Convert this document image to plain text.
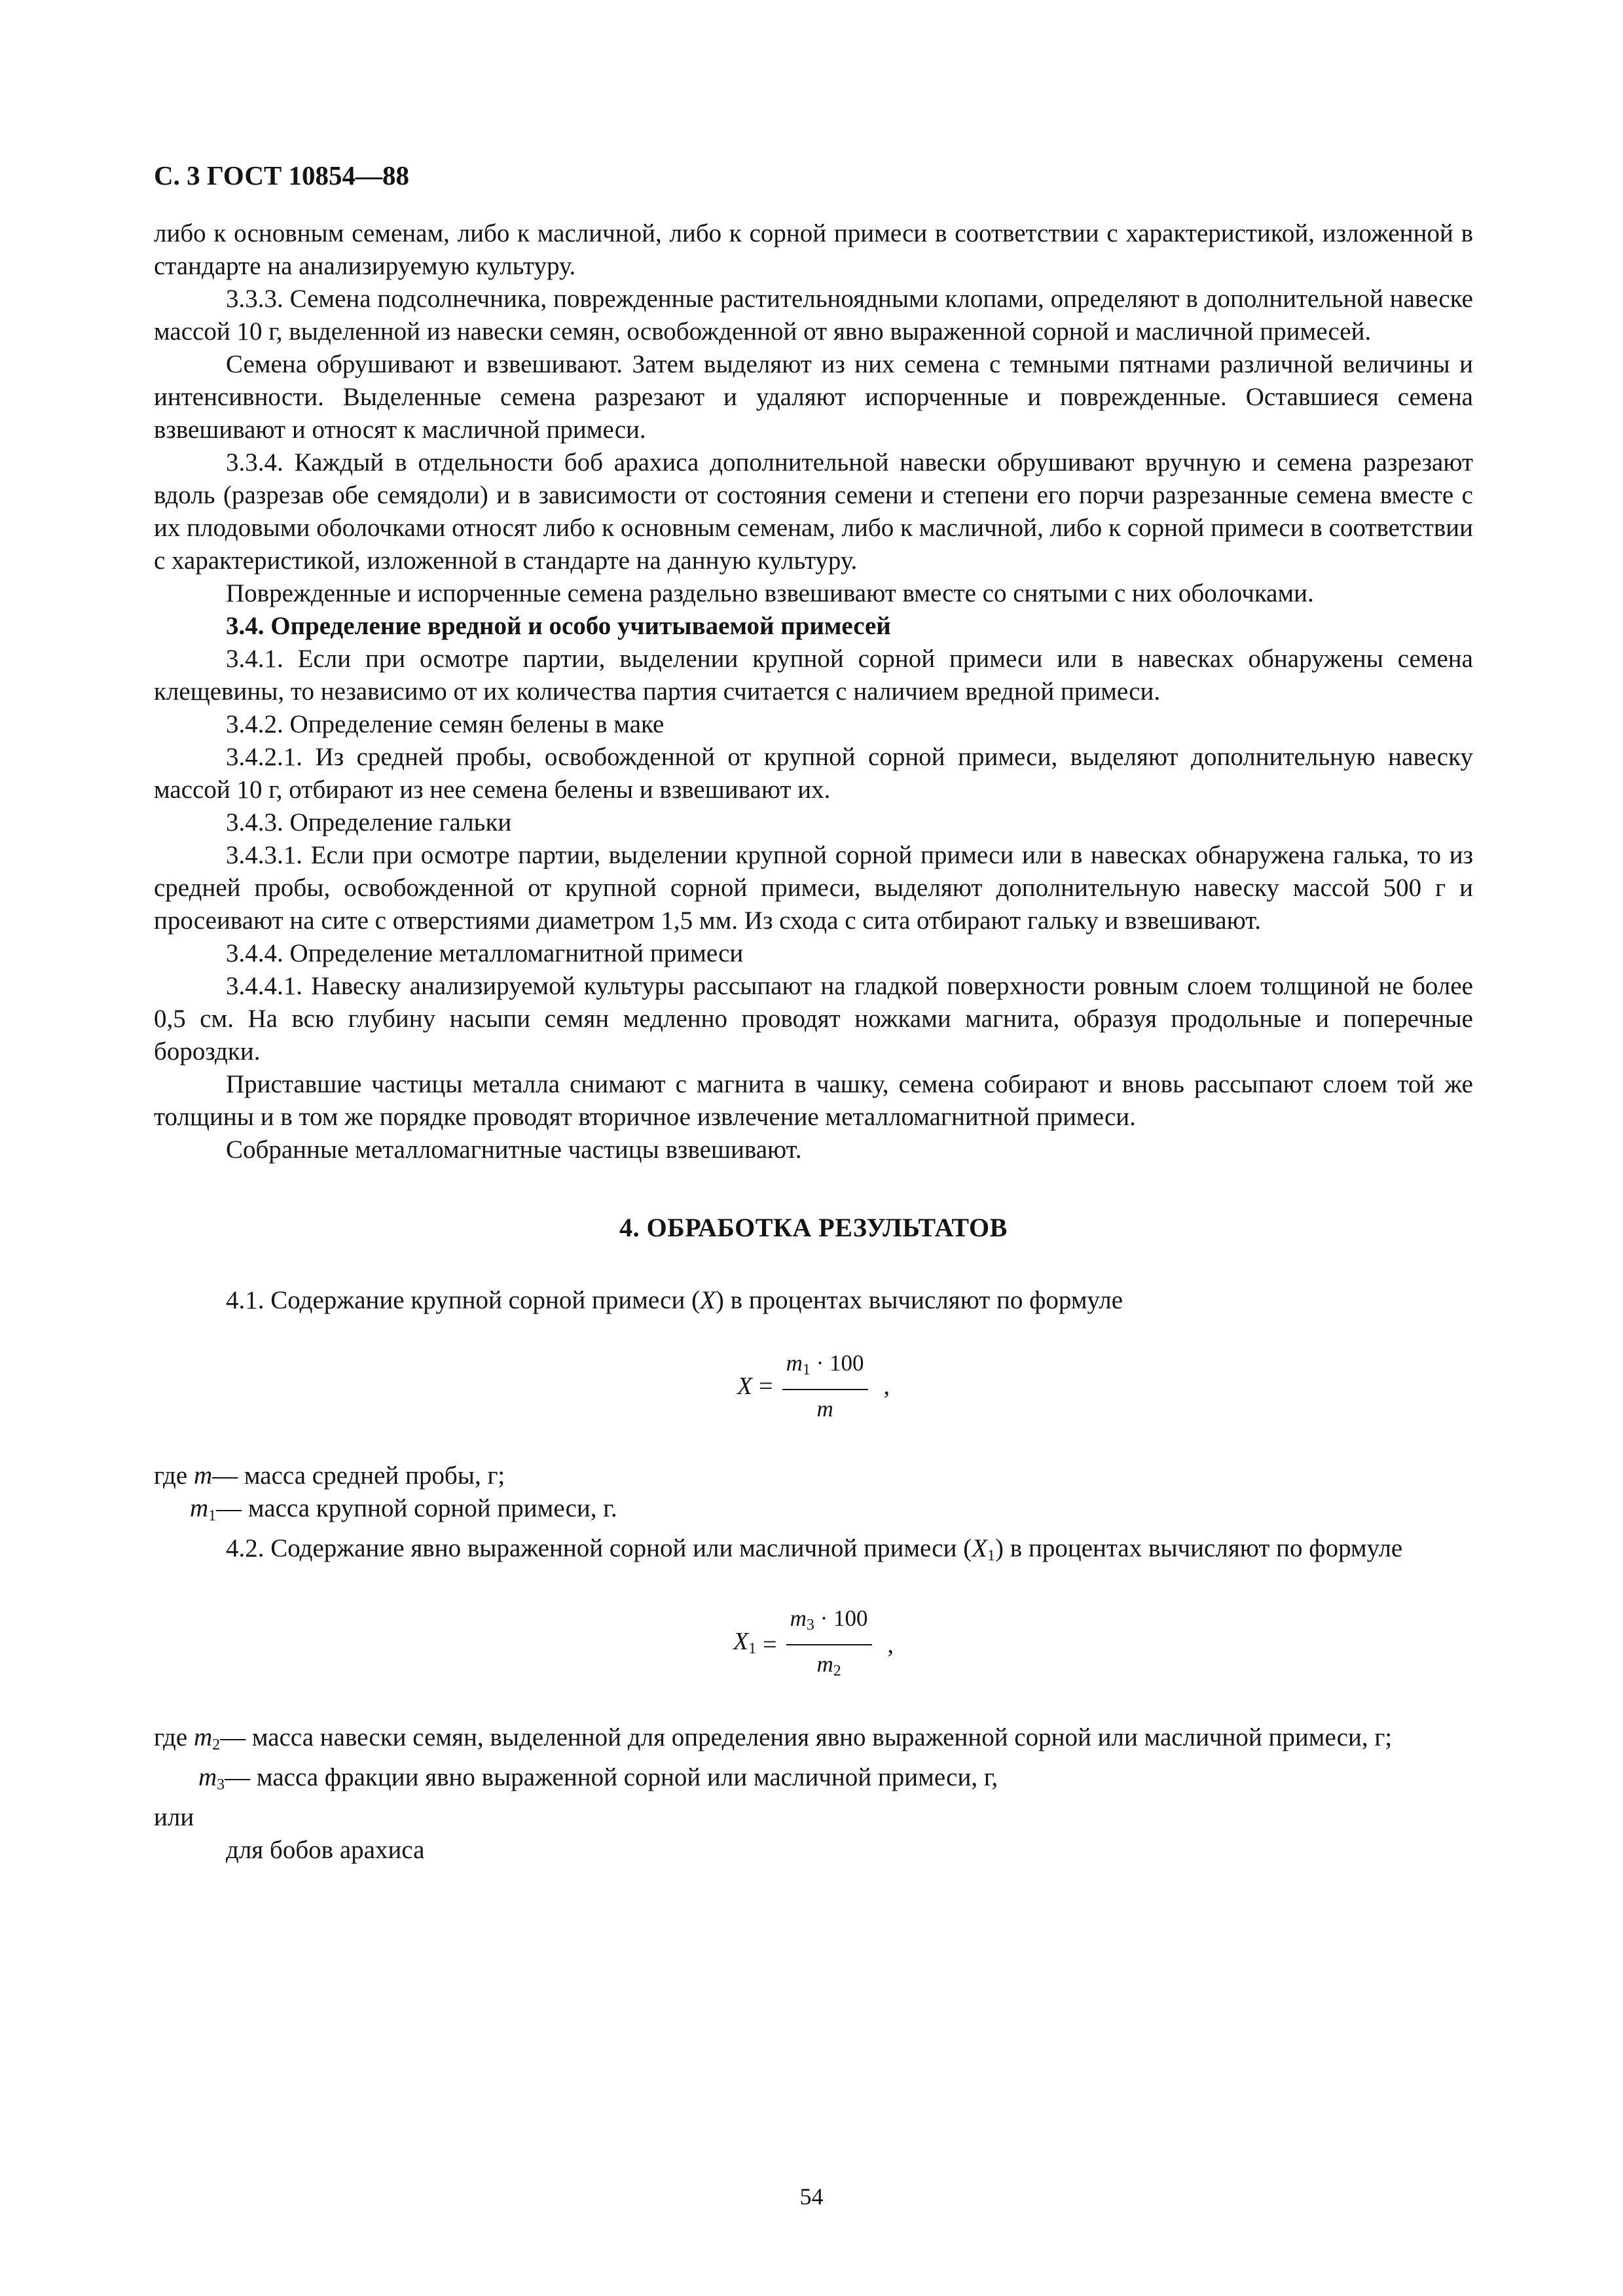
С. 3 ГОСТ 10854—88

либо к основным семенам, либо к масличной, либо к сорной примеси в соответствии с характеристикой, изложенной в стандарте на анализируемую культуру.

3.3.3. Семена подсолнечника, поврежденные растительноядными клопами, определяют в дополнительной навеске массой 10 г, выделенной из навески семян, освобожденной от явно выраженной сорной и масличной примесей.

Семена обрушивают и взвешивают. Затем выделяют из них семена с темными пятнами различной величины и интенсивности. Выделенные семена разрезают и удаляют испорченные и поврежденные. Оставшиеся семена взвешивают и относят к масличной примеси.

3.3.4. Каждый в отдельности боб арахиса дополнительной навески обрушивают вручную и семена разрезают вдоль (разрезав обе семядоли) и в зависимости от состояния семени и степени его порчи разрезанные семена вместе с их плодовыми оболочками относят либо к основным семенам, либо к масличной, либо к сорной примеси в соответствии с характеристикой, изложенной в стандарте на данную культуру.

Поврежденные и испорченные семена раздельно взвешивают вместе со снятыми с них оболочками.

3.4. Определение вредной и особо учитываемой примесей

3.4.1. Если при осмотре партии, выделении крупной сорной примеси или в навесках обнаружены семена клещевины, то независимо от их количества партия считается с наличием вредной примеси.

3.4.2. Определение семян белены в маке

3.4.2.1. Из средней пробы, освобожденной от крупной сорной примеси, выделяют дополнительную навеску массой 10 г, отбирают из нее семена белены и взвешивают их.

3.4.3. Определение гальки

3.4.3.1. Если при осмотре партии, выделении крупной сорной примеси или в навесках обнаружена галька, то из средней пробы, освобожденной от крупной сорной примеси, выделяют дополнительную навеску массой 500 г и просеивают на сите с отверстиями диаметром 1,5 мм. Из схода с сита отбирают гальку и взвешивают.

3.4.4. Определение металломагнитной примеси

3.4.4.1. Навеску анализируемой культуры рассыпают на гладкой поверхности ровным слоем толщиной не более 0,5 см. На всю глубину насыпи семян медленно проводят ножками магнита, образуя продольные и поперечные бороздки.

Приставшие частицы металла снимают с магнита в чашку, семена собирают и вновь рассыпают слоем той же толщины и в том же порядке проводят вторичное извлечение металломагнитной примеси.

Собранные металломагнитные частицы взвешивают.

4. ОБРАБОТКА РЕЗУЛЬТАТОВ

4.1. Содержание крупной сорной примеси (X) в процентах вычисляют по формуле

$X = \frac{m_1 \cdot 100}{m}$ ,
где m — масса средней пробы, г;
$m_1$ — масса крупной сорной примеси, г.

4.2. Содержание явно выраженной сорной или масличной примеси $(X_1)$ в процентах вычисляют по формуле

$X_1 = \frac{m_3 \cdot 100}{m_2}$ ,
где $m_2$ — масса навески семян, выделенной для определения явно выраженной сорной или масличной примеси, г;
$m_3$ — масса фракции явно выраженной сорной или масличной примеси, г,

или

для бобов арахиса

54
